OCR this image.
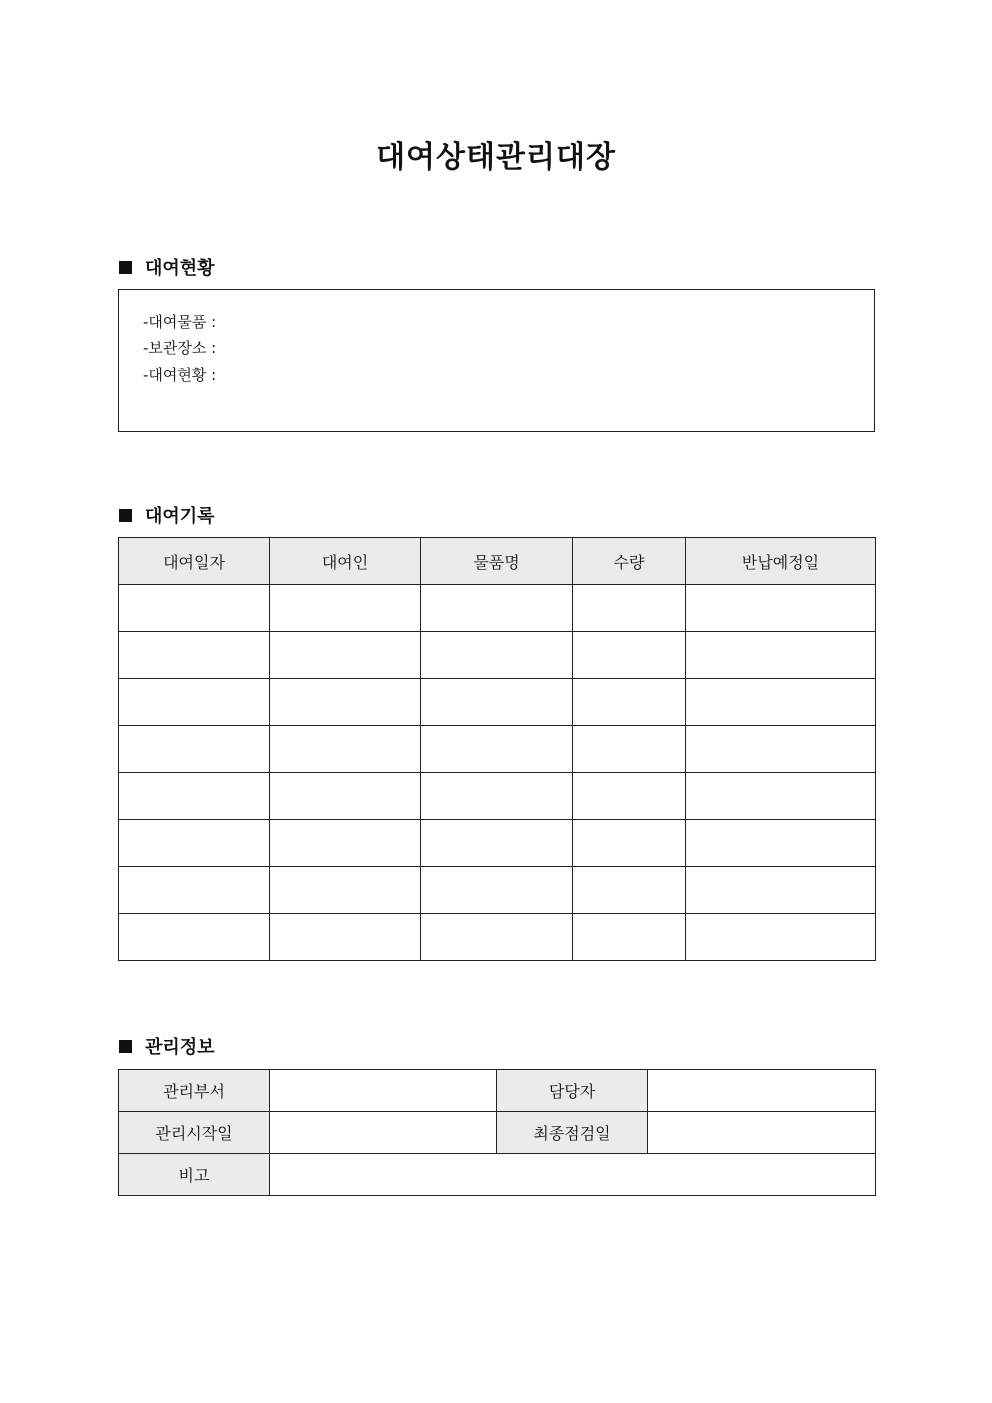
대여상태관리대장
대여현황
-대여물품 :
-보관장소 :
-대여현황 :
대여기록
대여일자	대여인	물품명	수량	반납예정일

관리정보
관리부서		담당자	
관리시작일		최종점검일	
비고			
